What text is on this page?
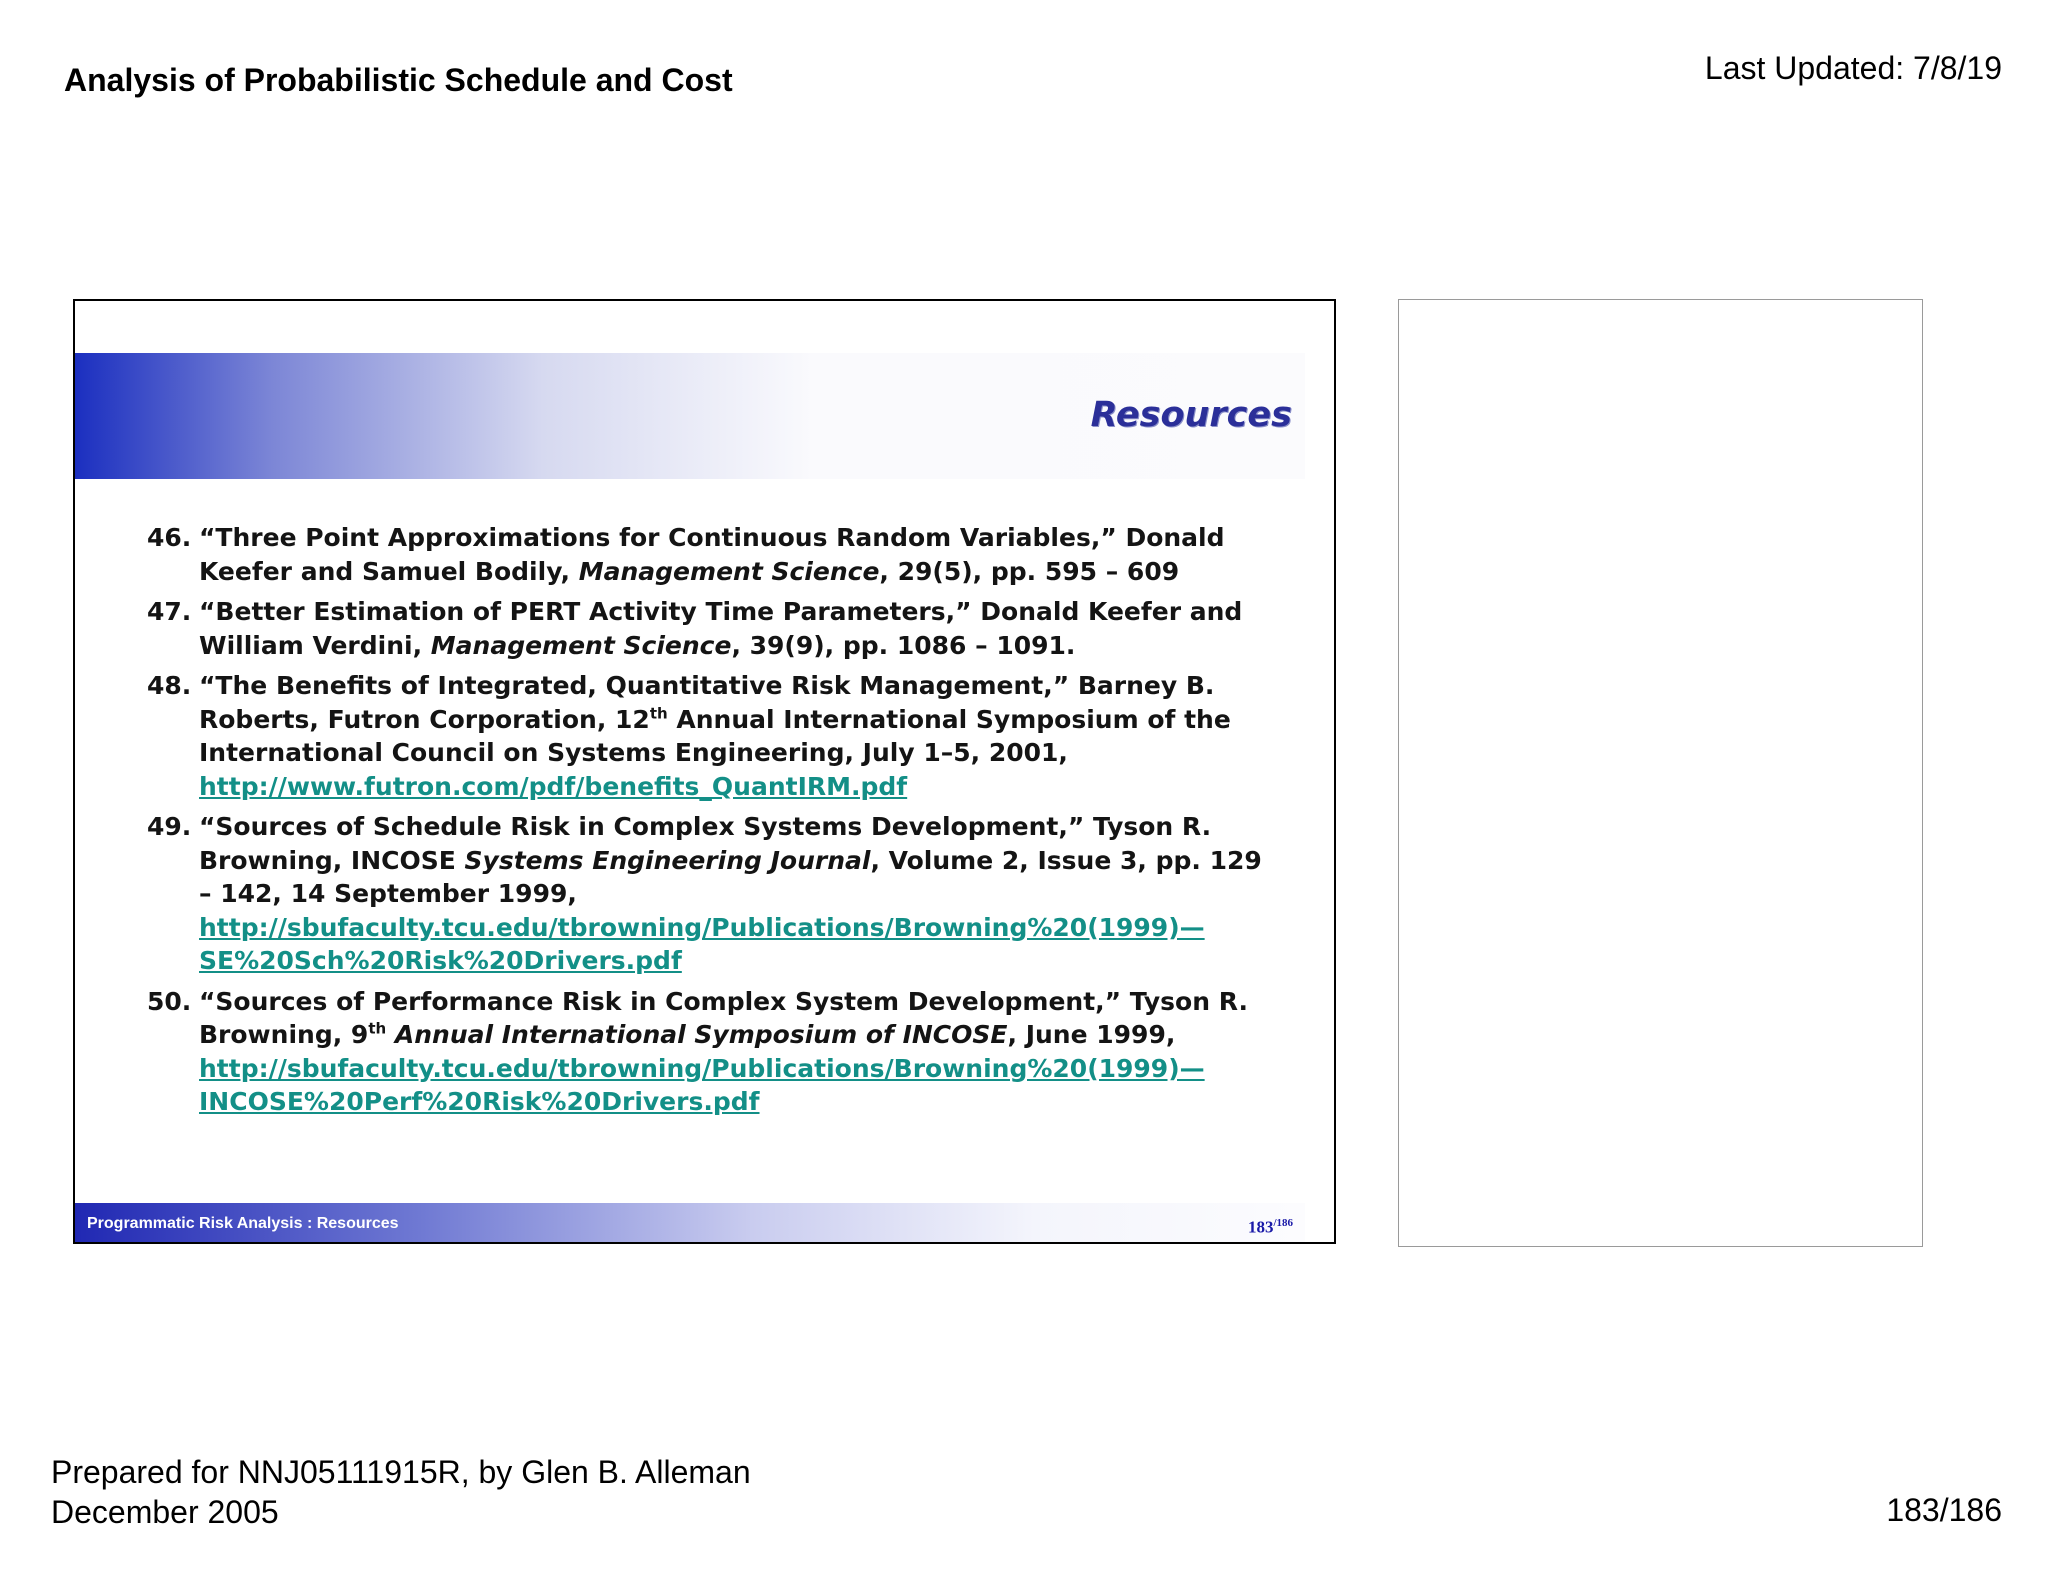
Analysis of Probabilistic Schedule and Cost	Last Updated: 7/8/19
Resources
46. “Three Point Approximations for Continuous Random Variables,” Donald Keefer and Samuel Bodily, Management Science, 29(5), pp. 595 – 609
47. “Better Estimation of PERT Activity Time Parameters,” Donald Keefer and William Verdini, Management Science, 39(9), pp. 1086 – 1091.
48. “The Benefits of Integrated, Quantitative Risk Management,” Barney B. Roberts, Futron Corporation, 12th Annual International Symposium of the International Council on Systems Engineering, July 1–5, 2001,
http://www.futron.com/pdf/benefits_QuantIRM.pdf
49. “Sources of Schedule Risk in Complex Systems Development,” Tyson R. Browning, INCOSE Systems Engineering Journal, Volume 2, Issue 3, pp. 129 – 142, 14 September 1999,
http://sbufaculty.tcu.edu/tbrowning/Publications/Browning%20(1999)—
SE%20Sch%20Risk%20Drivers.pdf
50. “Sources of Performance Risk in Complex System Development,” Tyson R. Browning, 9th Annual International Symposium of INCOSE, June 1999,
http://sbufaculty.tcu.edu/tbrowning/Publications/Browning%20(1999)—
INCOSE%20Perf%20Risk%20Drivers.pdf
Programmatic Risk Analysis : Resources	$183^{/186}$
Prepared for NNJ05111915R, by Glen B. Alleman
December 2005	183/186
